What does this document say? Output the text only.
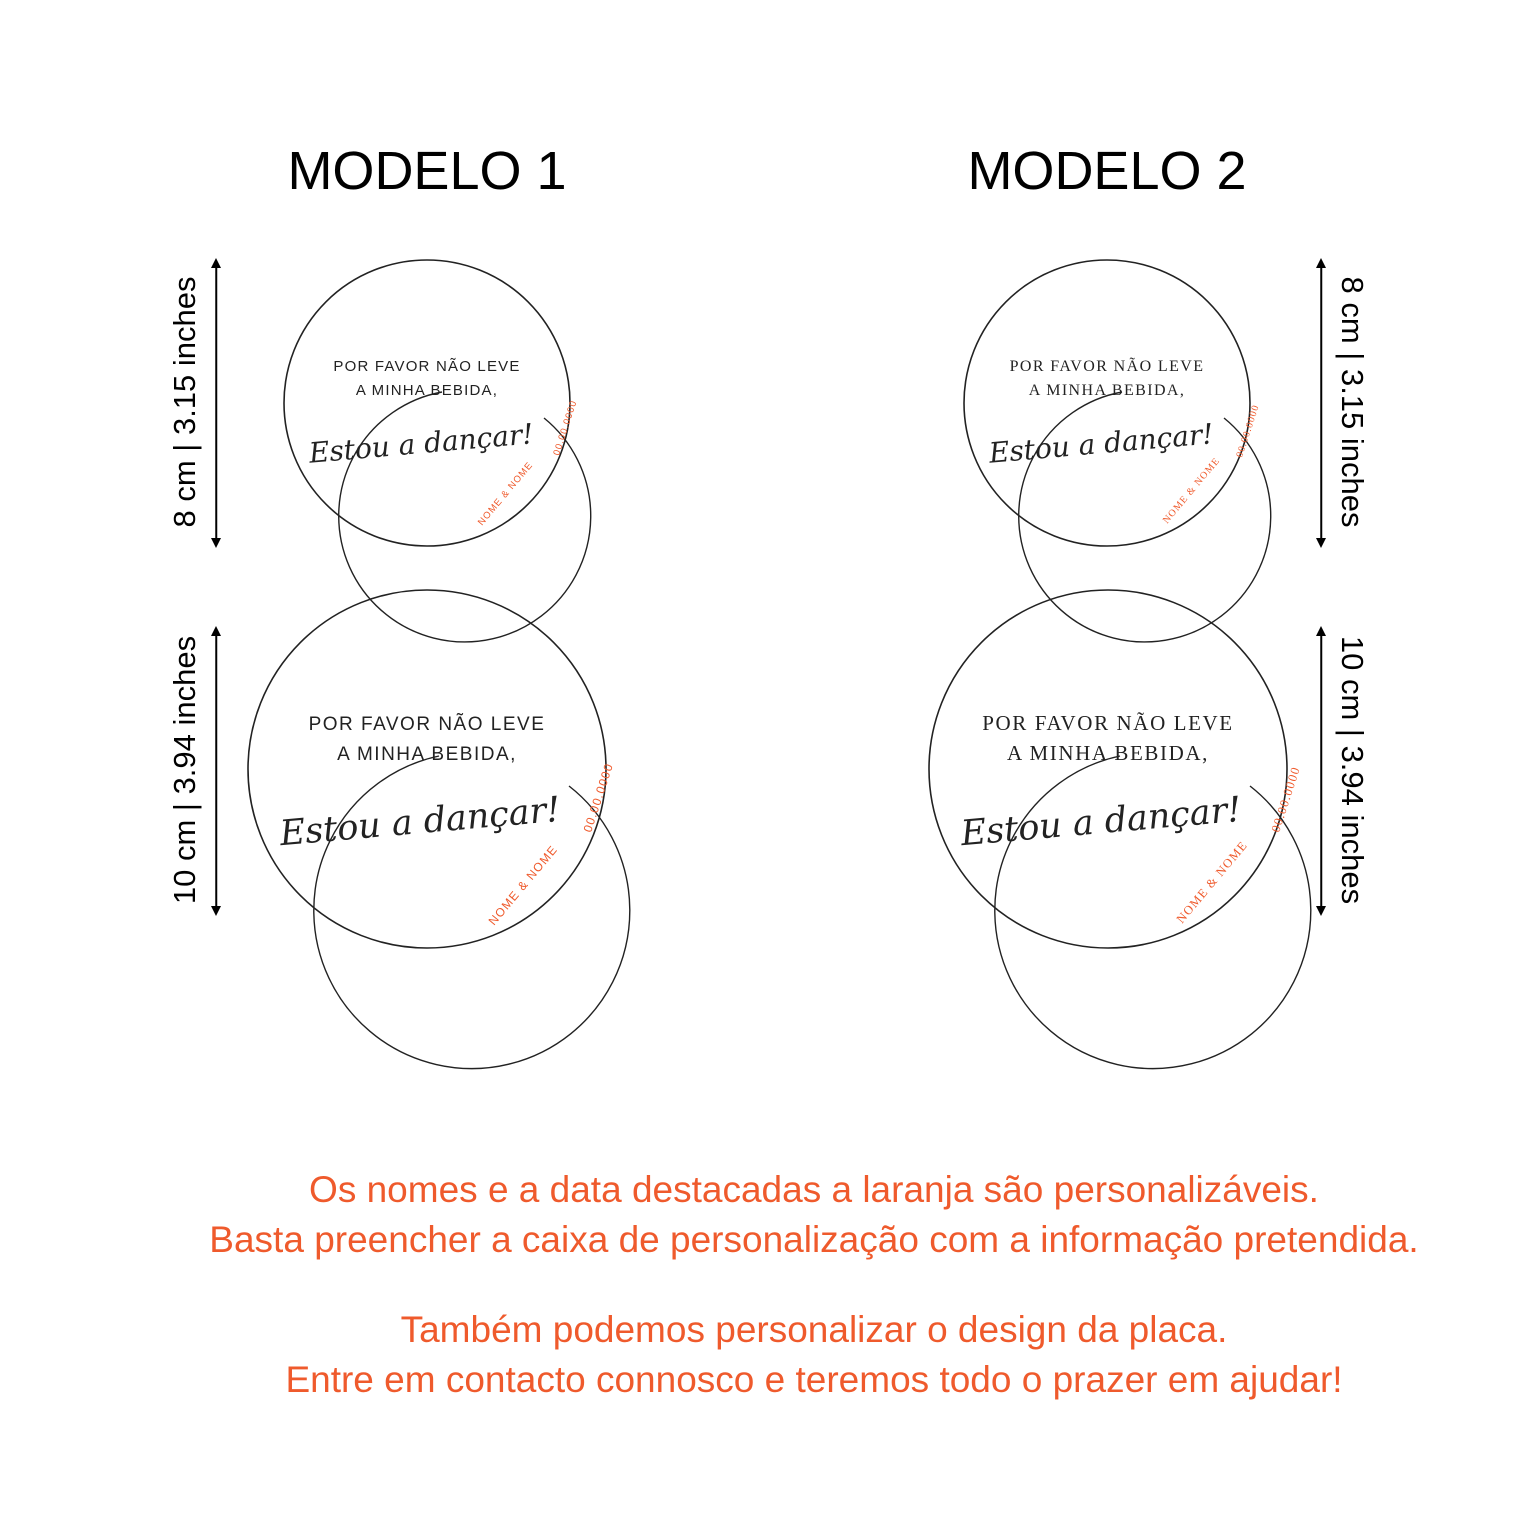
MODELO 1	MODELO 2
8 cm | 3.15 inches	POR FAVOR NÃO LEVE
A MINHA BEBIDA,
Estou a dançar!
NOME & NOME
00.00.0000
10 cm | 3.94 inches	POR FAVOR NÃO LEVE
A MINHA BEBIDA,
Estou a dançar!
NOME & NOME
00.00.0000
POR FAVOR NÃO LEVE
A MINHA BEBIDA,
Estou a dançar!
NOME & NOME
00.00.0000 8 cm | 3.15 inches
POR FAVOR NÃO LEVE
A MINHA BEBIDA,
Estou a dançar!
NOME & NOME
00.00.0000 10 cm | 3.94 inches
Os nomes e a data destacadas a laranja são personalizáveis.
Basta preencher a caixa de personalização com a informação pretendida.
Também podemos personalizar o design da placa.
Entre em contacto connosco e teremos todo o prazer em ajudar!
